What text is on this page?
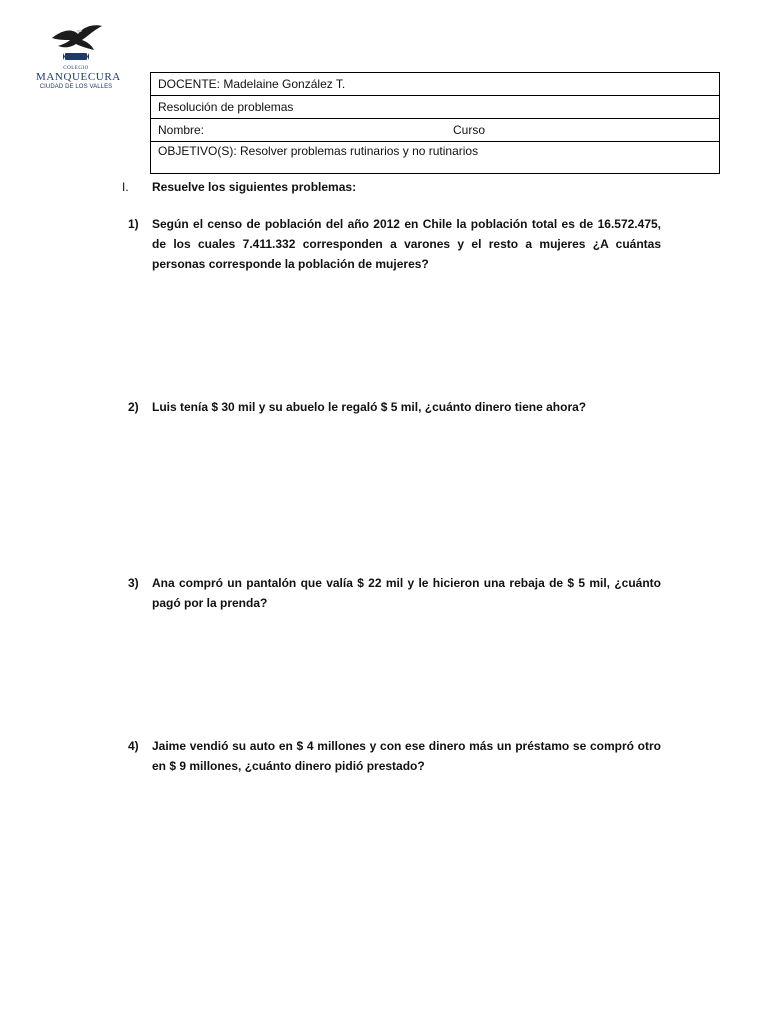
COLEGIO
MANQUECURA
CIUDAD DE LOS VALLES	DOCENTE: Madelaine González T.
Resolución de problemas
Nombre:	Curso

OBJETIVO(S): Resolver problemas rutinarios y no rutinarios
I. Resuelve los siguientes problemas:
1)	Según el censo de población del año 2012 en Chile la población total es de 16.572.475, de los cuales 7.411.332 corresponden a varones y el resto a mujeres ¿A cuántas personas corresponde la población de mujeres?
2)	Luis tenía $ 30 mil y su abuelo le regaló $ 5 mil, ¿cuánto dinero tiene ahora?
3)	Ana compró un pantalón que valía $ 22 mil y le hicieron una rebaja de $ 5 mil, ¿cuánto pagó por la prenda?
4)	Jaime vendió su auto en $ 4 millones y con ese dinero más un préstamo se compró otro en $ 9 millones, ¿cuánto dinero pidió prestado?
